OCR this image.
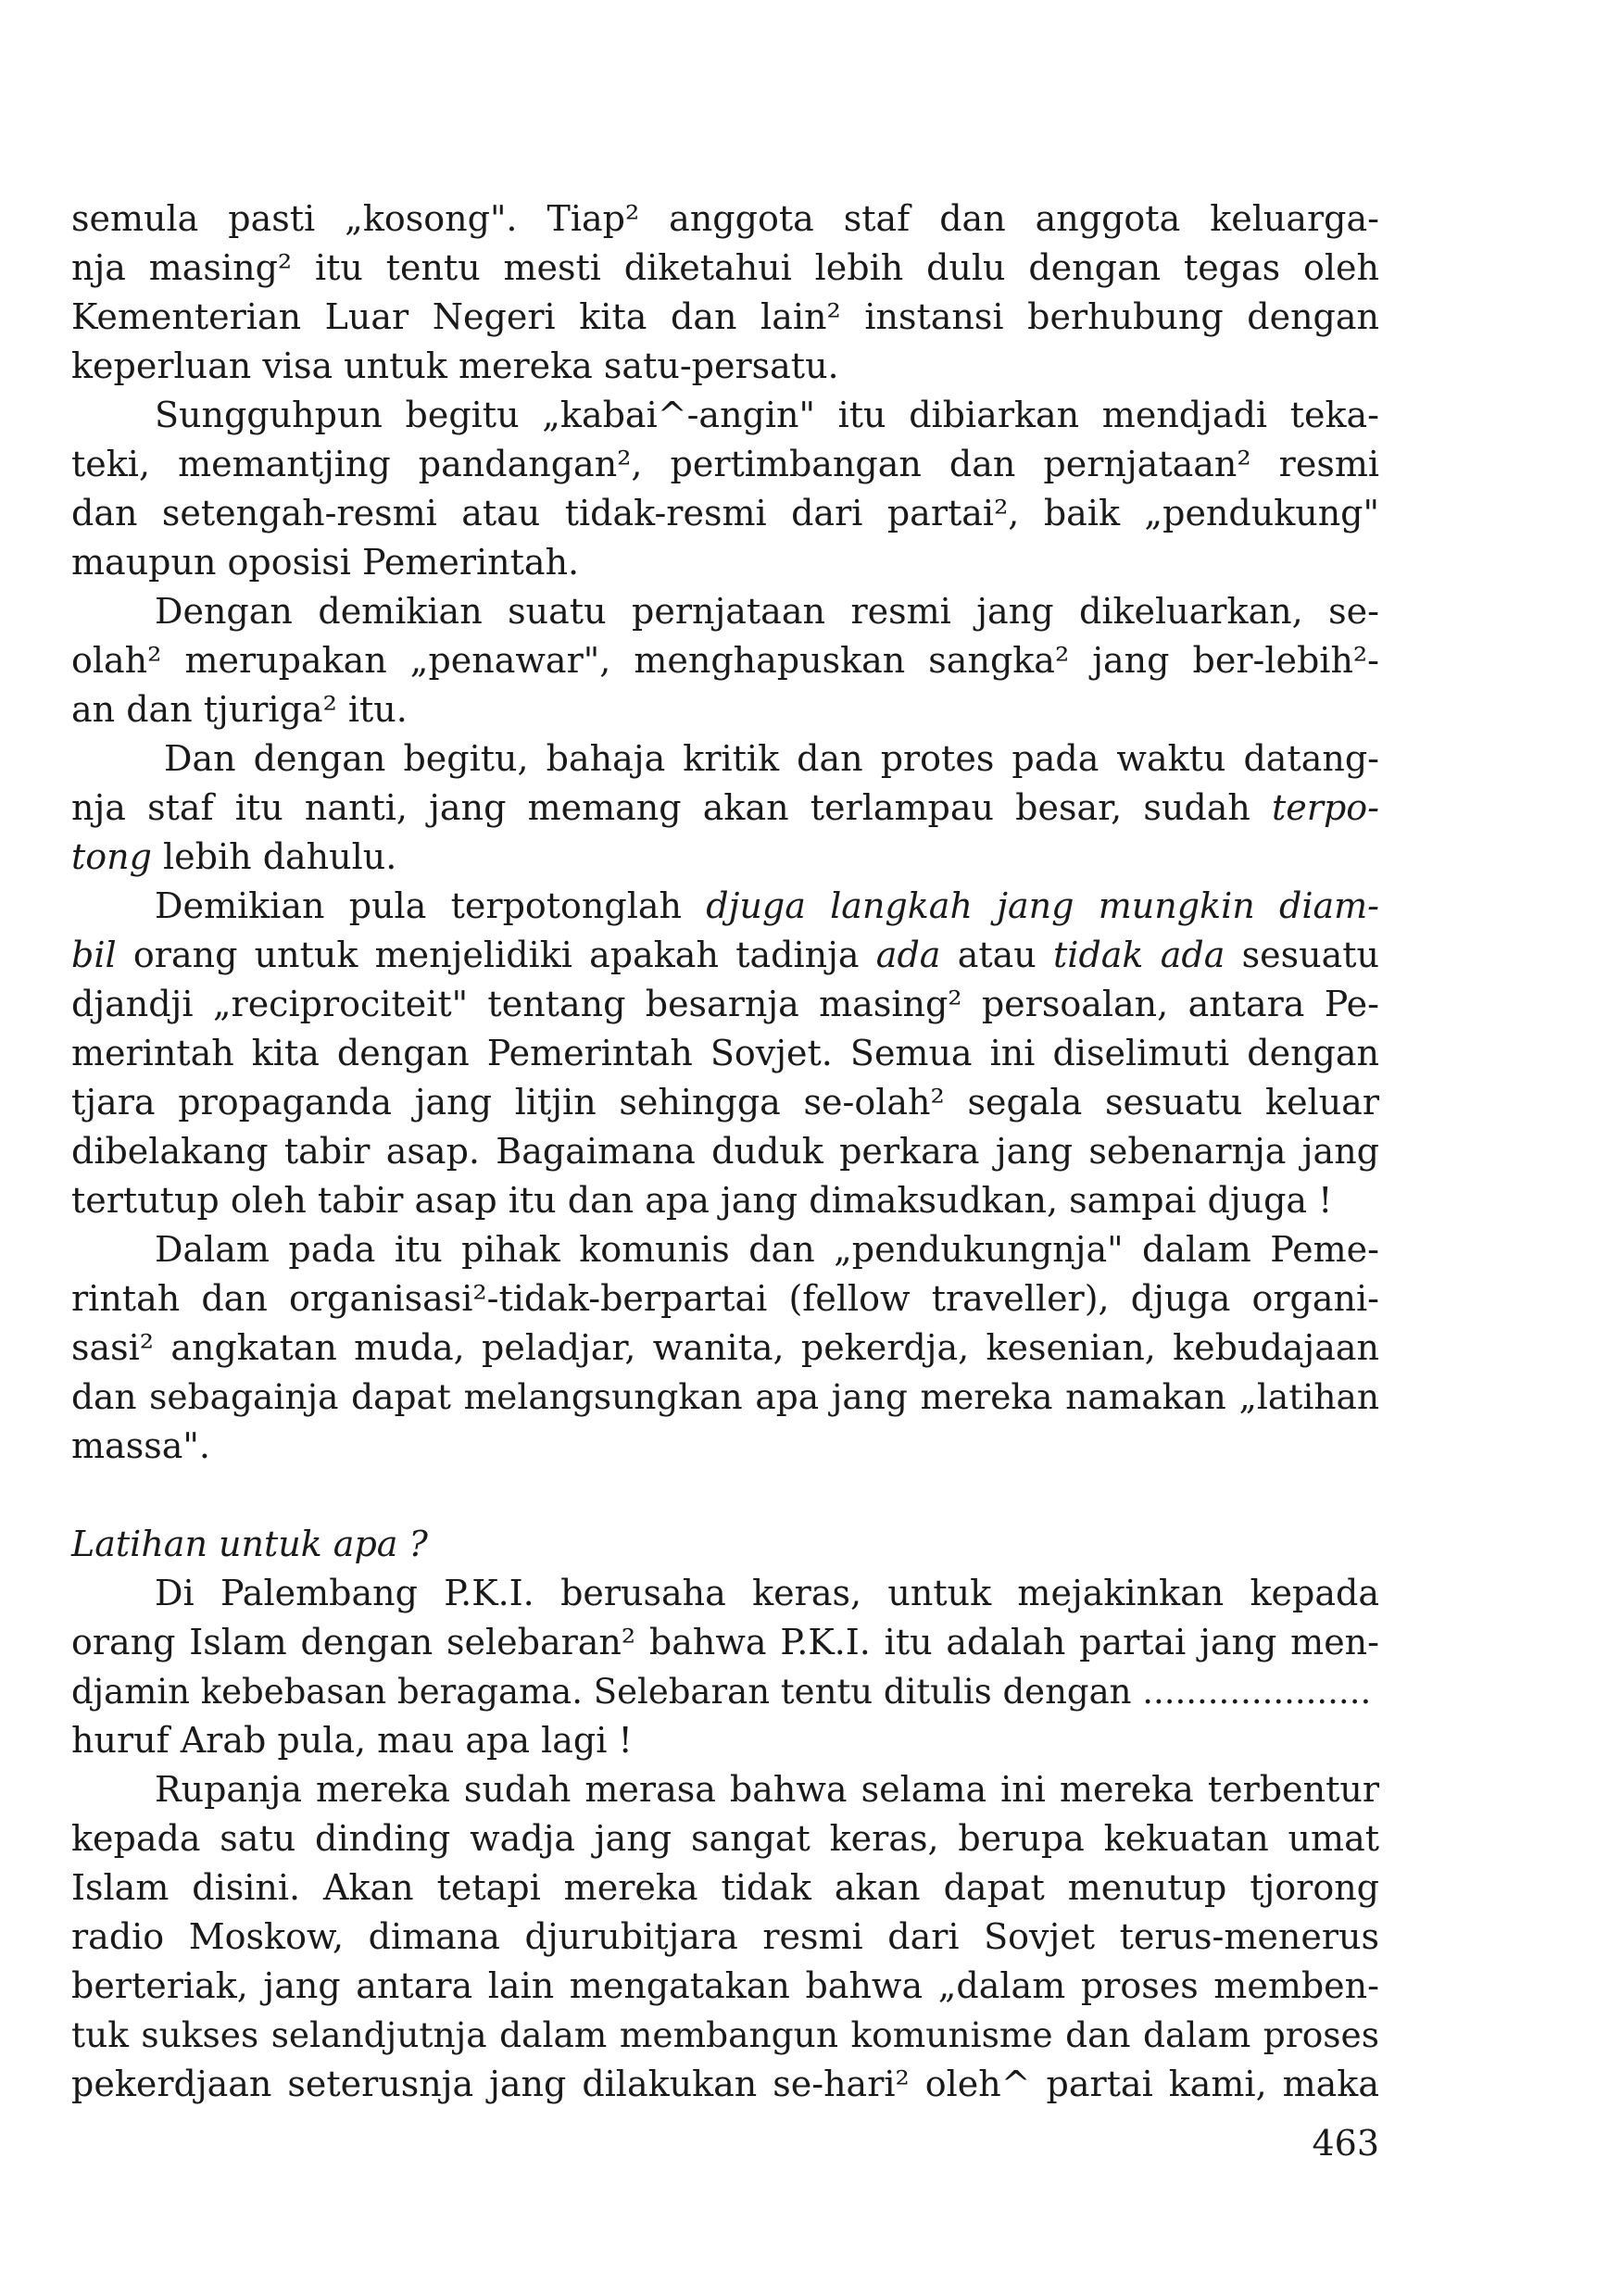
semula pasti „kosong". Tiap² anggota staf dan anggota keluarga-
nja masing² itu tentu mesti diketahui lebih dulu dengan tegas oleh
Kementerian Luar Negeri kita dan lain² instansi berhubung dengan
keperluan visa untuk mereka satu-persatu.
Sungguhpun begitu „kabai^-angin" itu dibiarkan mendjadi teka-
teki, memantjing pandangan², pertimbangan dan pernjataan² resmi
dan setengah-resmi atau tidak-resmi dari partai², baik „pendukung"
maupun oposisi Pemerintah.
Dengan demikian suatu pernjataan resmi jang dikeluarkan, se-
olah² merupakan „penawar", menghapuskan sangka² jang ber-lebih²-
an dan tjuriga² itu.
Dan dengan begitu, bahaja kritik dan protes pada waktu datang-
nja staf itu nanti, jang memang akan terlampau besar, sudah terpo-
tong lebih dahulu.
Demikian pula terpotonglah djuga langkah jang mungkin diam-
bil orang untuk menjelidiki apakah tadinja ada atau tidak ada sesuatu
djandji „reciprociteit" tentang besarnja masing² persoalan, antara Pe-
merintah kita dengan Pemerintah Sovjet. Semua ini diselimuti dengan
tjara propaganda jang litjin sehingga se-olah² segala sesuatu keluar
dibelakang tabir asap. Bagaimana duduk perkara jang sebenarnja jang
tertutup oleh tabir asap itu dan apa jang dimaksudkan, sampai djuga !
Dalam pada itu pihak komunis dan „pendukungnja" dalam Peme-
rintah dan organisasi²-tidak-berpartai (fellow traveller), djuga organi-
sasi² angkatan muda, peladjar, wanita, pekerdja, kesenian, kebudajaan
dan sebagainja dapat melangsungkan apa jang mereka namakan „latihan
massa".
Latihan untuk apa ?
Di Palembang P.K.I. berusaha keras, untuk mejakinkan kepada
orang Islam dengan selebaran² bahwa P.K.I. itu adalah partai jang men-
djamin kebebasan beragama. Selebaran tentu ditulis dengan .....................
huruf Arab pula, mau apa lagi !
Rupanja mereka sudah merasa bahwa selama ini mereka terbentur
kepada satu dinding wadja jang sangat keras, berupa kekuatan umat
Islam disini. Akan tetapi mereka tidak akan dapat menutup tjorong
radio Moskow, dimana djurubitjara resmi dari Sovjet terus-menerus
berteriak, jang antara lain mengatakan bahwa „dalam proses memben-
tuk sukses selandjutnja dalam membangun komunisme dan dalam proses
pekerdjaan seterusnja jang dilakukan se-hari² oleh^ partai kami, maka
463
